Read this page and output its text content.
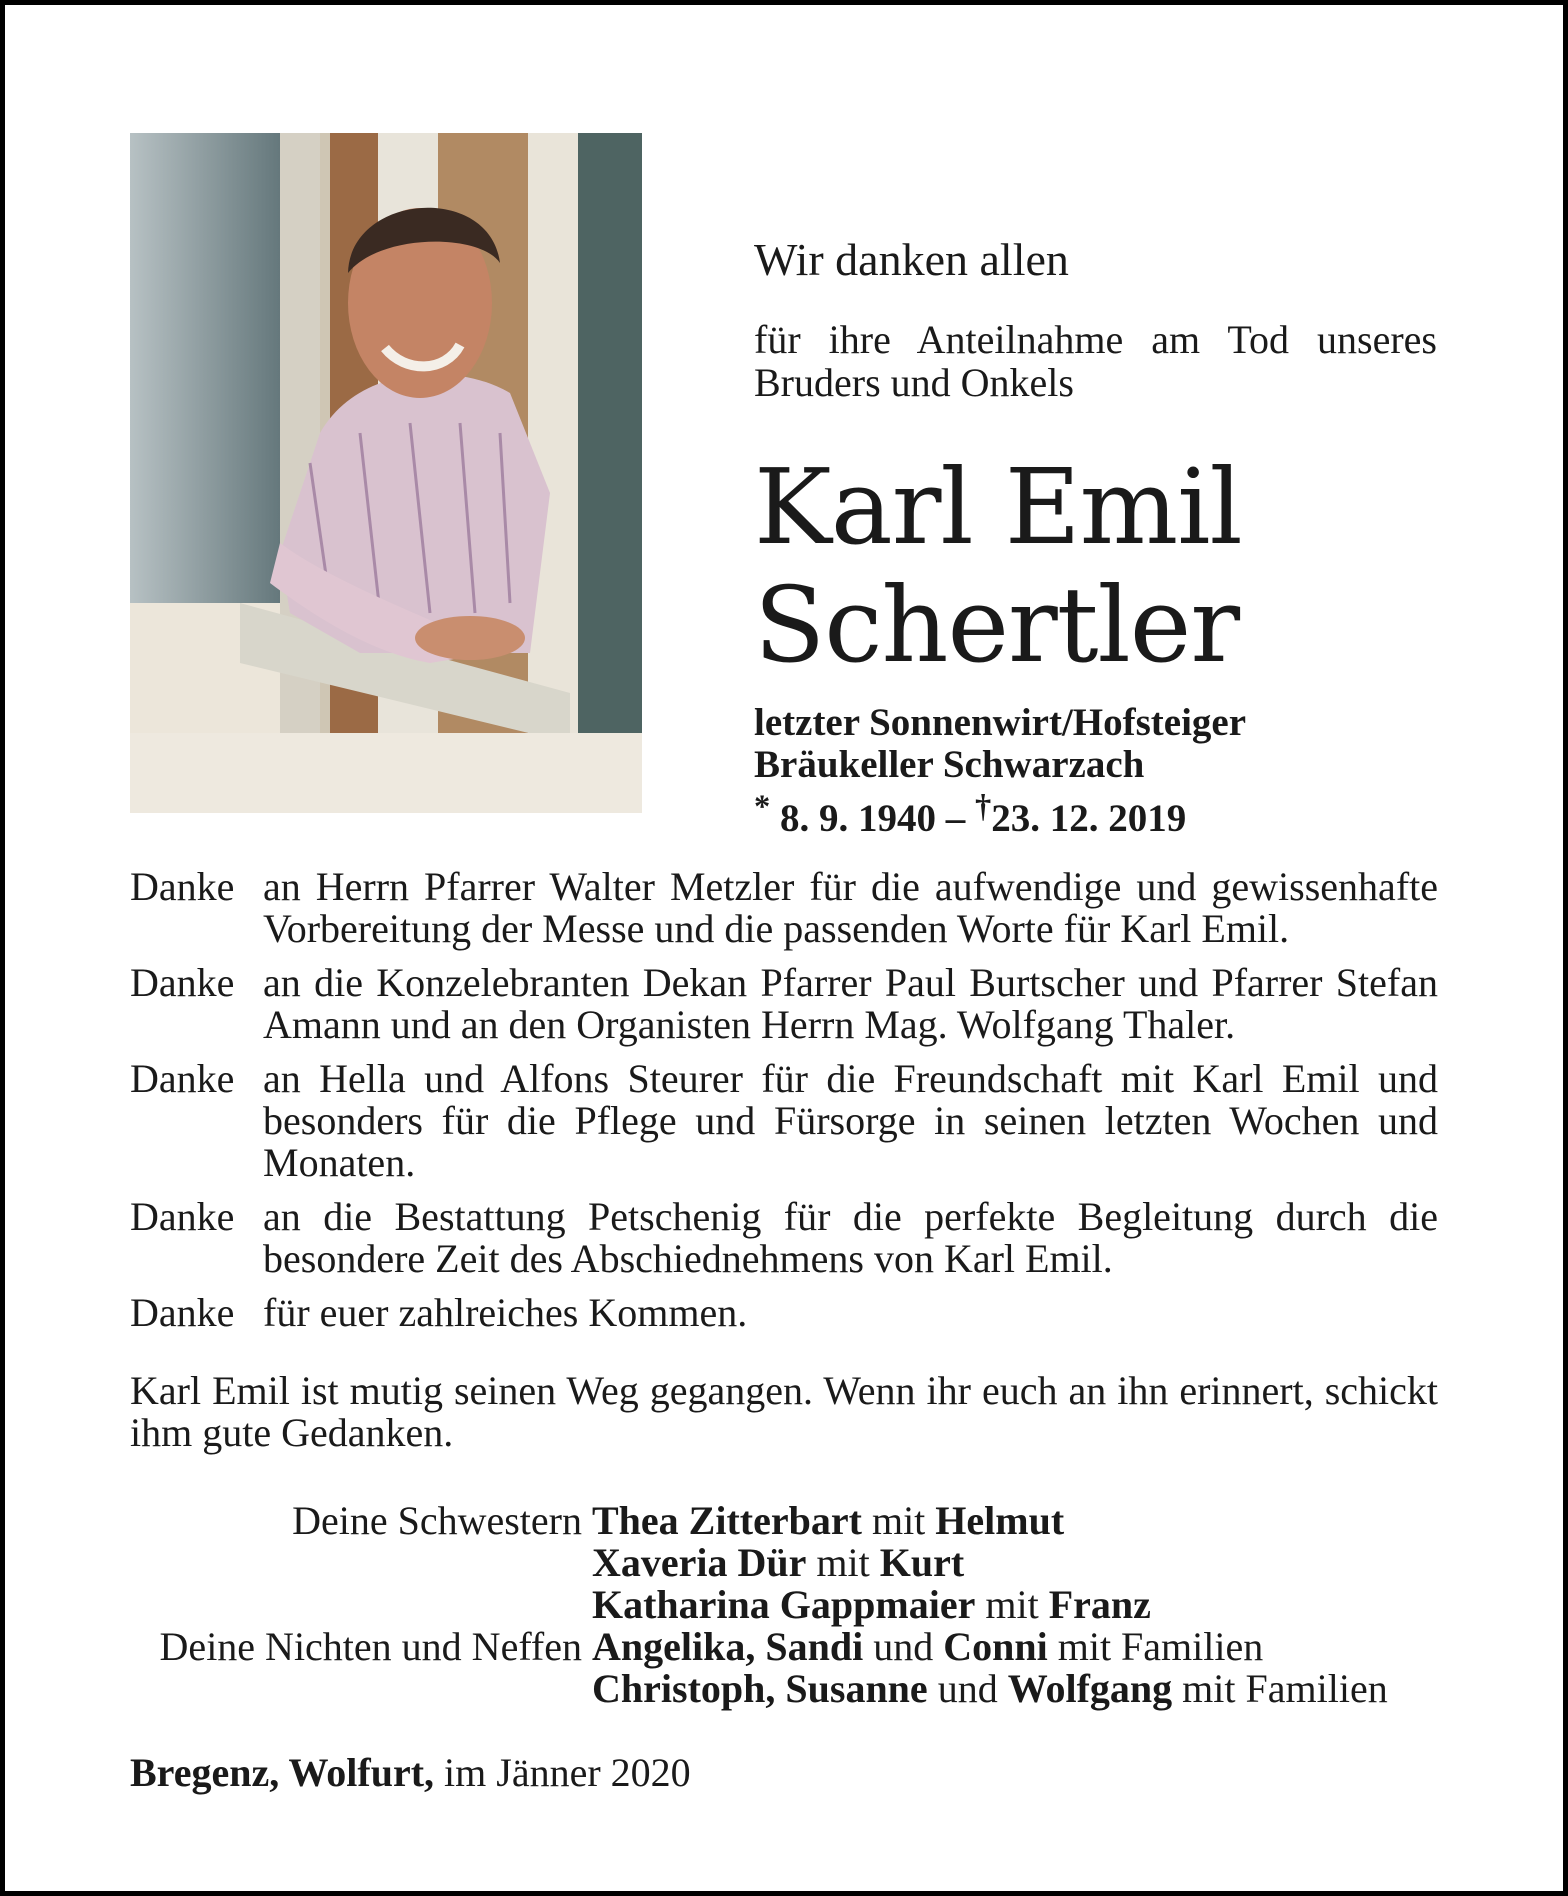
Wir danken allen
für ihre Anteilnahme am Tod unseres Bruders und Onkels
Karl Emil
Schertler
letzter Sonnenwirt/Hofsteiger
Bräukeller Schwarzach
* 8. 9. 1940 – †23. 12. 2019
Danke an Herrn Pfarrer Walter Metzler für die aufwendige und gewissenhafte Vorbereitung der Messe und die passenden Worte für Karl Emil.
Danke an die Konzelebranten Dekan Pfarrer Paul Burtscher und Pfarrer Stefan Amann und an den Organisten Herrn Mag. Wolfgang Thaler.
Danke an Hella und Alfons Steurer für die Freundschaft mit Karl Emil und besonders für die Pflege und Fürsorge in seinen letzten Wochen und Monaten.
Danke an die Bestattung Petschenig für die perfekte Begleitung durch die besondere Zeit des Abschiednehmens von Karl Emil.
Danke für euer zahlreiches Kommen.
Karl Emil ist mutig seinen Weg gegangen. Wenn ihr euch an ihn erinnert, schickt ihm gute Gedanken.
Deine Schwestern Thea Zitterbart mit Helmut
Xaveria Dür mit Kurt
Katharina Gappmaier mit Franz
Deine Nichten und Neffen Angelika, Sandi und Conni mit Familien
Christoph, Susanne und Wolfgang mit Familien
Bregenz, Wolfurt, im Jänner 2020
